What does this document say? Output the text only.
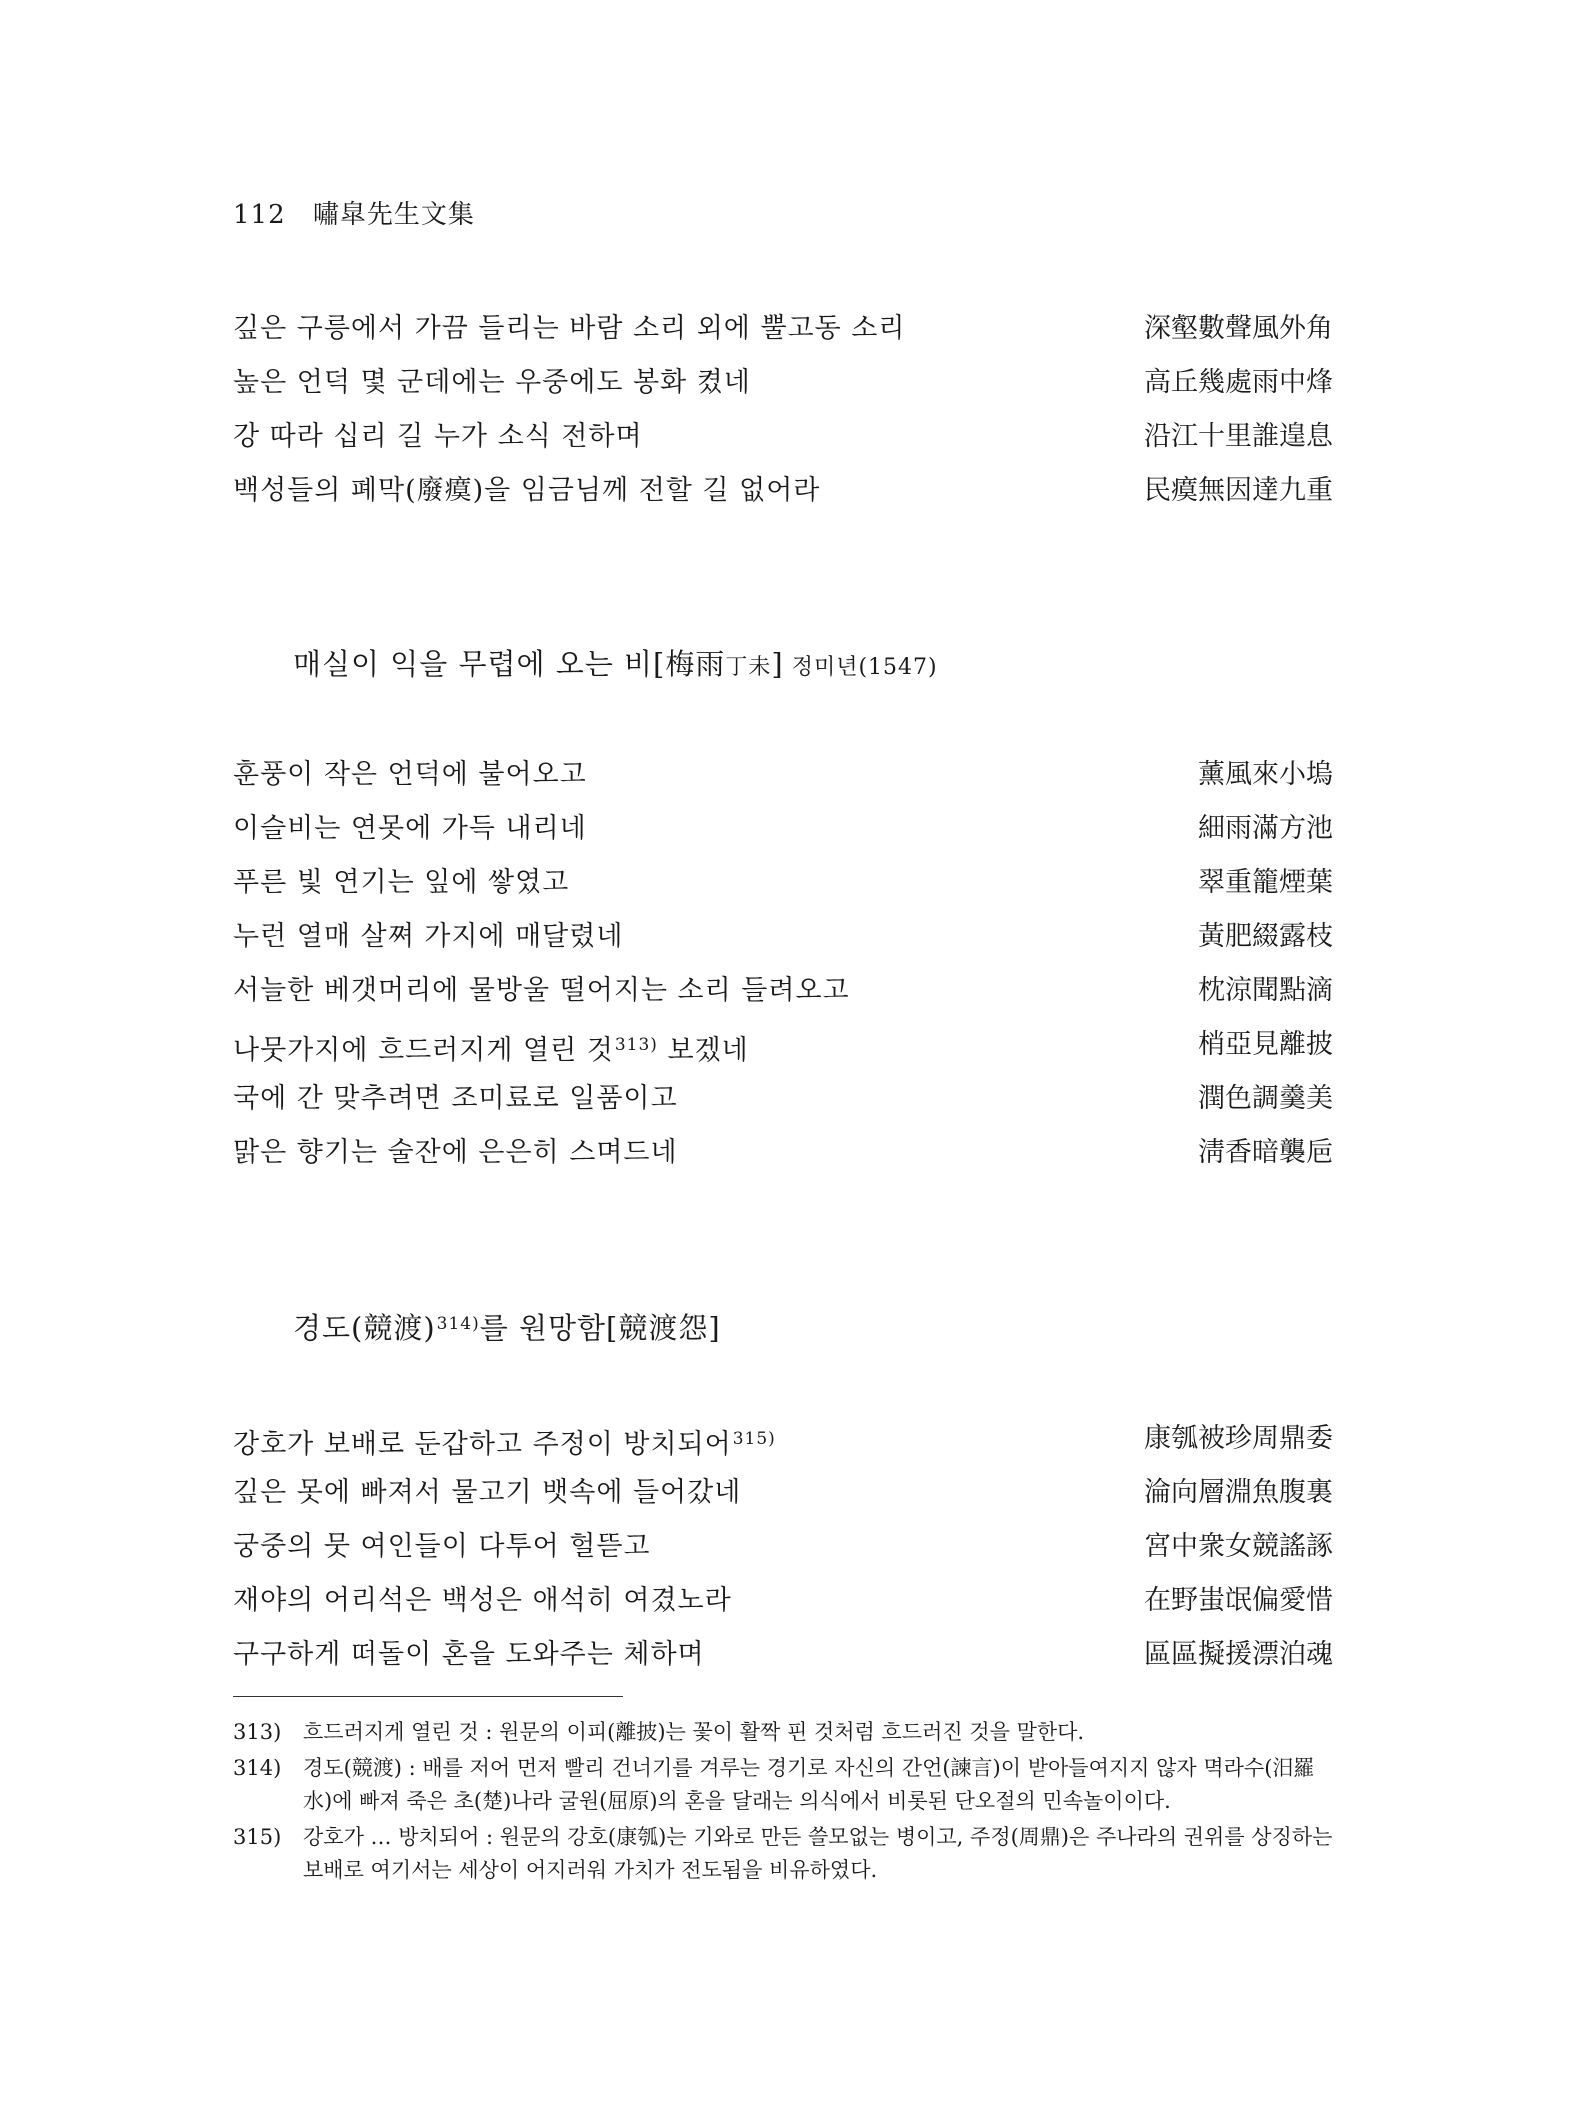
112 嘯皐先生文集
깊은 구릉에서 가끔 들리는 바람 소리 외에 뿔고동 소리	深壑數聲風外角
높은 언덕 몇 군데에는 우중에도 봉화 켰네	高丘幾處雨中烽
강 따라 십리 길 누가 소식 전하며	沿江十里誰遑息
백성들의 폐막(廢瘼)을 임금님께 전할 길 없어라	民瘼無因達九重
매실이 익을 무렵에 오는 비[梅雨丁未] 정미년(1547)
훈풍이 작은 언덕에 불어오고	薰風來小塢
이슬비는 연못에 가득 내리네	細雨滿方池
푸른 빛 연기는 잎에 쌓였고	翠重籠煙葉
누런 열매 살쪄 가지에 매달렸네	黃肥綴露枝
서늘한 베갯머리에 물방울 떨어지는 소리 들려오고	枕涼聞點滴
나뭇가지에 흐드러지게 열린 것$^{313)}$ 보겠네	梢亞見離披
국에 간 맞추려면 조미료로 일품이고	潤色調羹美
맑은 향기는 술잔에 은은히 스며드네	淸香暗襲巵
경도(競渡)$^{314)}$를 원망함[競渡怨]
강호가 보배로 둔갑하고 주정이 방치되어$^{315)}$	康瓠被珍周鼎委
깊은 못에 빠져서 물고기 뱃속에 들어갔네	淪向層淵魚腹裏
궁중의 뭇 여인들이 다투어 헐뜯고	宮中衆女競謠諑
재야의 어리석은 백성은 애석히 여겼노라	在野蚩氓偏愛惜
구구하게 떠돌이 혼을 도와주는 체하며	區區擬援漂泊魂
313)	흐드러지게 열린 것 : 원문의 이피(離披)는 꽃이 활짝 핀 것처럼 흐드러진 것을 말한다.
314)	경도(競渡) : 배를 저어 먼저 빨리 건너기를 겨루는 경기로 자신의 간언(諫言)이 받아들여지지 않자 멱라수(汨羅水)에 빠져 죽은 초(楚)나라 굴원(屈原)의 혼을 달래는 의식에서 비롯된 단오절의 민속놀이이다.
315)	강호가 … 방치되어 : 원문의 강호(康瓠)는 기와로 만든 쓸모없는 병이고, 주정(周鼎)은 주나라의 권위를 상징하는 보배로 여기서는 세상이 어지러워 가치가 전도됨을 비유하였다.
